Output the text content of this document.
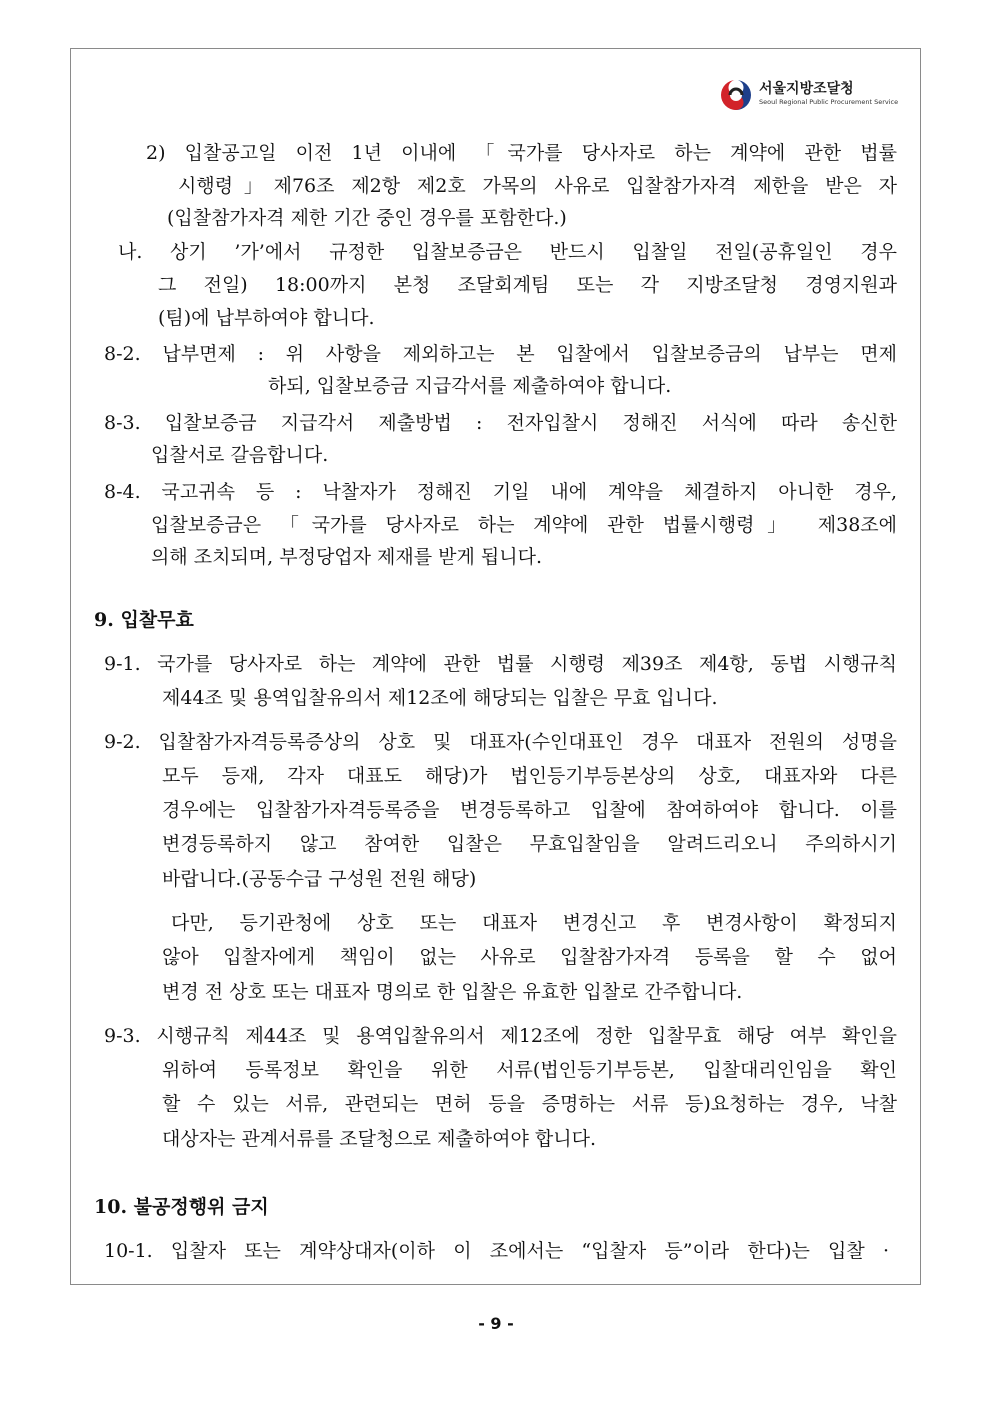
서울지방조달청
Seoul Regional Public Procurement Service
2) 입찰공고일 이전 1년 이내에 「국가를 당사자로 하는 계약에 관한 법률
시행령」제76조 제2항 제2호 가목의 사유로 입찰참가자격 제한을 받은 자
(입찰참가자격 제한 기간 중인 경우를 포함한다.)
나. 상기 ’가’에서 규정한 입찰보증금은 반드시 입찰일 전일(공휴일인 경우
그 전일) 18:00까지 본청 조달회계팀 또는 각 지방조달청 경영지원과
(팀)에 납부하여야 합니다.
8-2. 납부면제 : 위 사항을 제외하고는 본 입찰에서 입찰보증금의 납부는 면제
하되, 입찰보증금 지급각서를 제출하여야 합니다.
8-3. 입찰보증금 지급각서 제출방법 : 전자입찰시 정해진 서식에 따라 송신한
입찰서로 갈음합니다.
8-4. 국고귀속 등 : 낙찰자가 정해진 기일 내에 계약을 체결하지 아니한 경우,
입찰보증금은 「국가를 당사자로 하는 계약에 관한 법률시행령」 제38조에
의해 조치되며, 부정당업자 제재를 받게 됩니다.
9. 입찰무효
9-1. 국가를 당사자로 하는 계약에 관한 법률 시행령 제39조 제4항, 동법 시행규칙
제44조 및 용역입찰유의서 제12조에 해당되는 입찰은 무효 입니다.
9-2. 입찰참가자격등록증상의 상호 및 대표자(수인대표인 경우 대표자 전원의 성명을
모두 등재, 각자 대표도 해당)가 법인등기부등본상의 상호, 대표자와 다른
경우에는 입찰참가자격등록증을 변경등록하고 입찰에 참여하여야 합니다. 이를
변경등록하지 않고 참여한 입찰은 무효입찰임을 알려드리오니 주의하시기
바랍니다.(공동수급 구성원 전원 해당)
다만, 등기관청에 상호 또는 대표자 변경신고 후 변경사항이 확정되지
않아 입찰자에게 책임이 없는 사유로 입찰참가자격 등록을 할 수 없어
변경 전 상호 또는 대표자 명의로 한 입찰은 유효한 입찰로 간주합니다.
9-3. 시행규칙 제44조 및 용역입찰유의서 제12조에 정한 입찰무효 해당 여부 확인을
위하여 등록정보 확인을 위한 서류(법인등기부등본, 입찰대리인임을 확인
할 수 있는 서류, 관련되는 면허 등을 증명하는 서류 등)요청하는 경우, 낙찰
대상자는 관계서류를 조달청으로 제출하여야 합니다.
10. 불공정행위 금지
10-1. 입찰자 또는 계약상대자(이하 이 조에서는 “입찰자 등”이라 한다)는 입찰 ·
- 9 -
